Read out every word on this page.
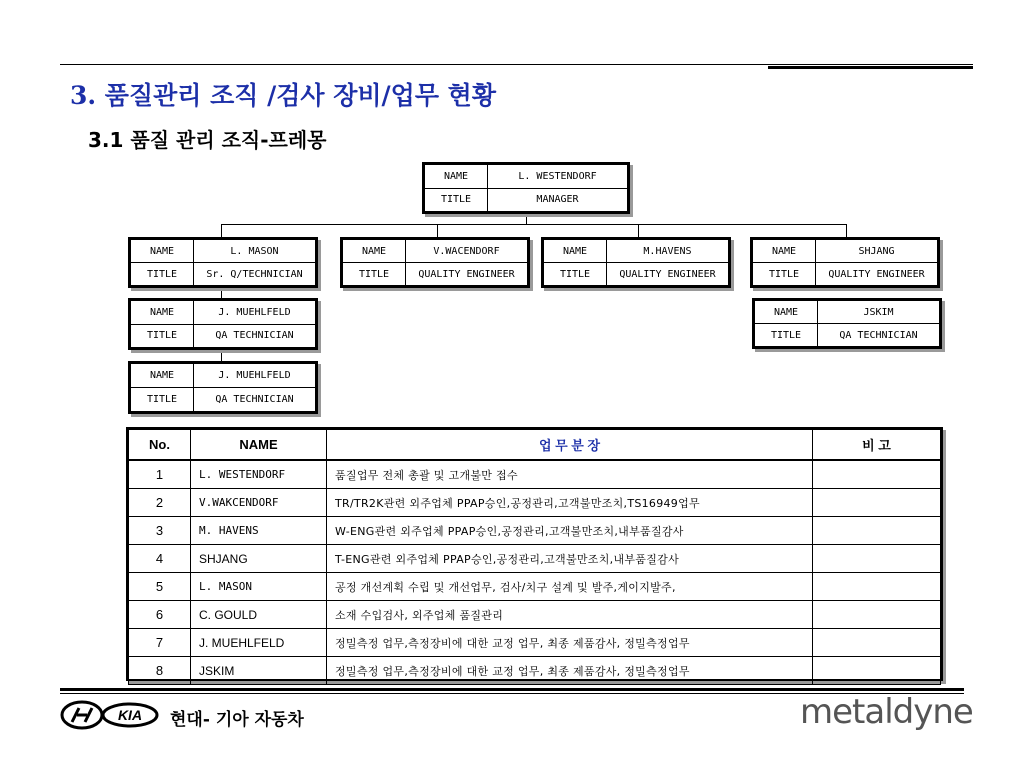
3. 품질관리 조직 /검사 장비/업무 현황
3.1 품질 관리 조직-프레몽
NAME	L. WESTENDORF
TITLE	MANAGER
NAME	L. MASON
TITLE	Sr. Q/TECHNICIAN
NAME	J. MUEHLFELD
TITLE	QA TECHNICIAN
NAME	J. MUEHLFELD
TITLE	QA TECHNICIAN
NAME	V.WACENDORF
TITLE	QUALITY ENGINEER
NAME	M.HAVENS
TITLE	QUALITY ENGINEER
NAME	SHJANG
TITLE	QUALITY ENGINEER
NAME	JSKIM
TITLE	QA TECHNICIAN
No.	NAME	업 무 분 장	비 고
1	L. WESTENDORF	품질업무 전체 총괄 및 고개불만 접수	
2	V.WAKCENDORF	TR/TR2K관련 외주업체 PPAP승인,공정관리,고객불만조치,TS16949업무	
3	M. HAVENS	W-ENG관련 외주업체 PPAP승인,공정관리,고객불만조치,내부품질감사	
4	SHJANG	T-ENG관련 외주업체 PPAP승인,공정관리,고객불만조치,내부품질감사	
5	L. MASON	공정 개선계획 수립 및 개선업무, 검사/치구 설계 및 발주,게이지발주,	
6	C. GOULD	소재 수입검사, 외주업체 품질관리	
7	J. MUEHLFELD	정밀측정 업무,측정장비에 대한 교정 업무, 최종 제품감사, 정밀측정업무	
8	JSKIM	정밀측정 업무,측정장비에 대한 교정 업무, 최종 제품감사, 정밀측정업무	
KIA 현대- 기아 자동차	metaldyne
